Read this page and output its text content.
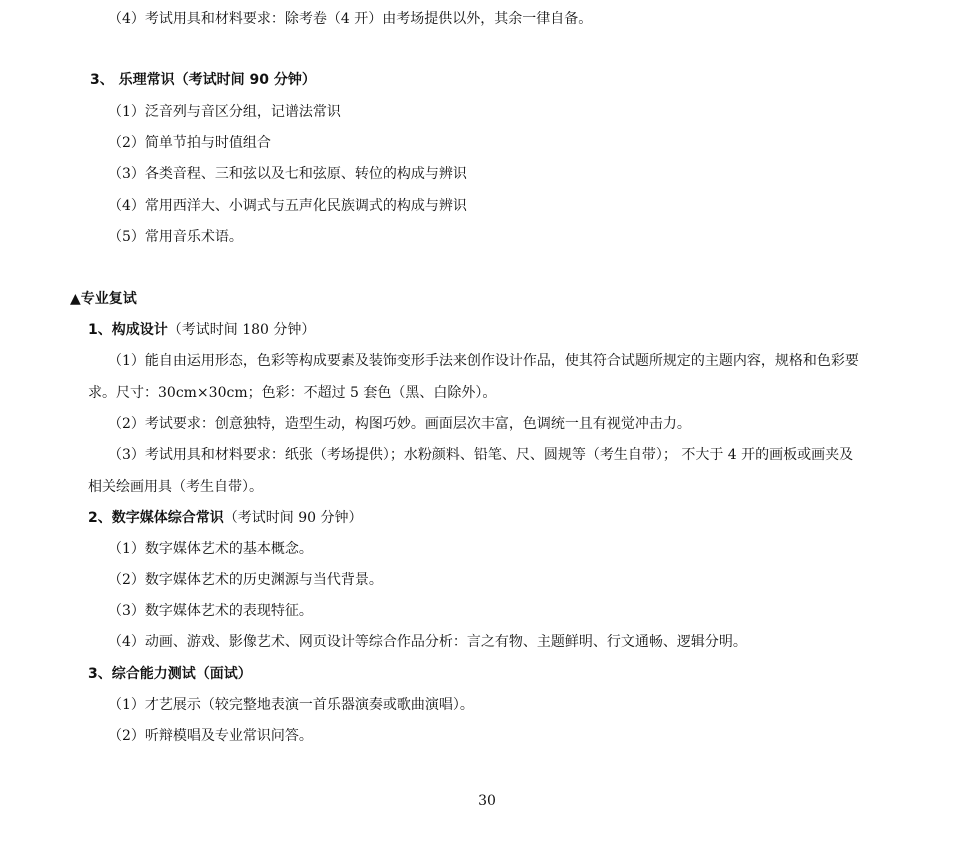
（4）考试用具和材料要求：除考卷（4 开）由考场提供以外，其余一律自备。
3、 乐理常识（考试时间 90 分钟）
（1）泛音列与音区分组，记谱法常识
（2）简单节拍与时值组合
（3）各类音程、三和弦以及七和弦原、转位的构成与辨识
（4）常用西洋大、小调式与五声化民族调式的构成与辨识
（5）常用音乐术语。
▲专业复试
1、构成设计（考试时间 180 分钟）
（1）能自由运用形态，色彩等构成要素及装饰变形手法来创作设计作品，使其符合试题所规定的主题内容，规格和色彩要
求。尺寸：30cm×30cm；色彩：不超过 5 套色（黑、白除外）。
（2）考试要求：创意独特，造型生动，构图巧妙。画面层次丰富，色调统一且有视觉冲击力。
（3）考试用具和材料要求：纸张（考场提供）；水粉颜料、铅笔、尺、圆规等（考生自带）； 不大于 4 开的画板或画夹及
相关绘画用具（考生自带）。
2、数字媒体综合常识（考试时间 90 分钟）
（1）数字媒体艺术的基本概念。
（2）数字媒体艺术的历史渊源与当代背景。
（3）数字媒体艺术的表现特征。
（4）动画、游戏、影像艺术、网页设计等综合作品分析：言之有物、主题鲜明、行文通畅、逻辑分明。
3、综合能力测试（面试）
（1）才艺展示（较完整地表演一首乐器演奏或歌曲演唱）。
（2）听辩模唱及专业常识问答。
30
